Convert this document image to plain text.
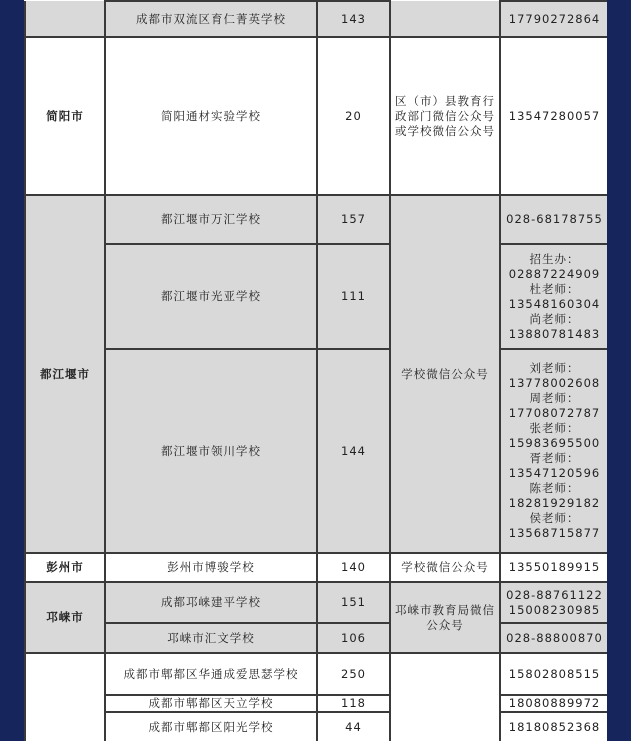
	成都市双流区育仁菁英学校	143		17790272864
简阳市	简阳通材实验学校	20	区（市）县教育行政部门微信公众号或学校微信公众号	13547280057
都江堰市	都江堰市万汇学校	157	学校微信公众号	028-68178755
	都江堰市光亚学校	111		招生办：02887224909 杜老师：13548160304 尚老师：13880781483
	都江堰市领川学校	144		刘老师：13778002608 周老师：17708072787 张老师：15983695500 胥老师：13547120596 陈老师：18281929182 侯老师：13568715877
彭州市	彭州市博骏学校	140	学校微信公众号	13550189915
邛崃市	成都邛崃建平学校	151	邛崃市教育局微信公众号	028-88761122 15008230985
	邛崃市汇文学校	106		028-88800870
	成都市郫都区华通成爱思瑟学校	250		15802808515
	成都市郫都区天立学校	118		18080889972
	成都市郫都区阳光学校	44		18180852368
